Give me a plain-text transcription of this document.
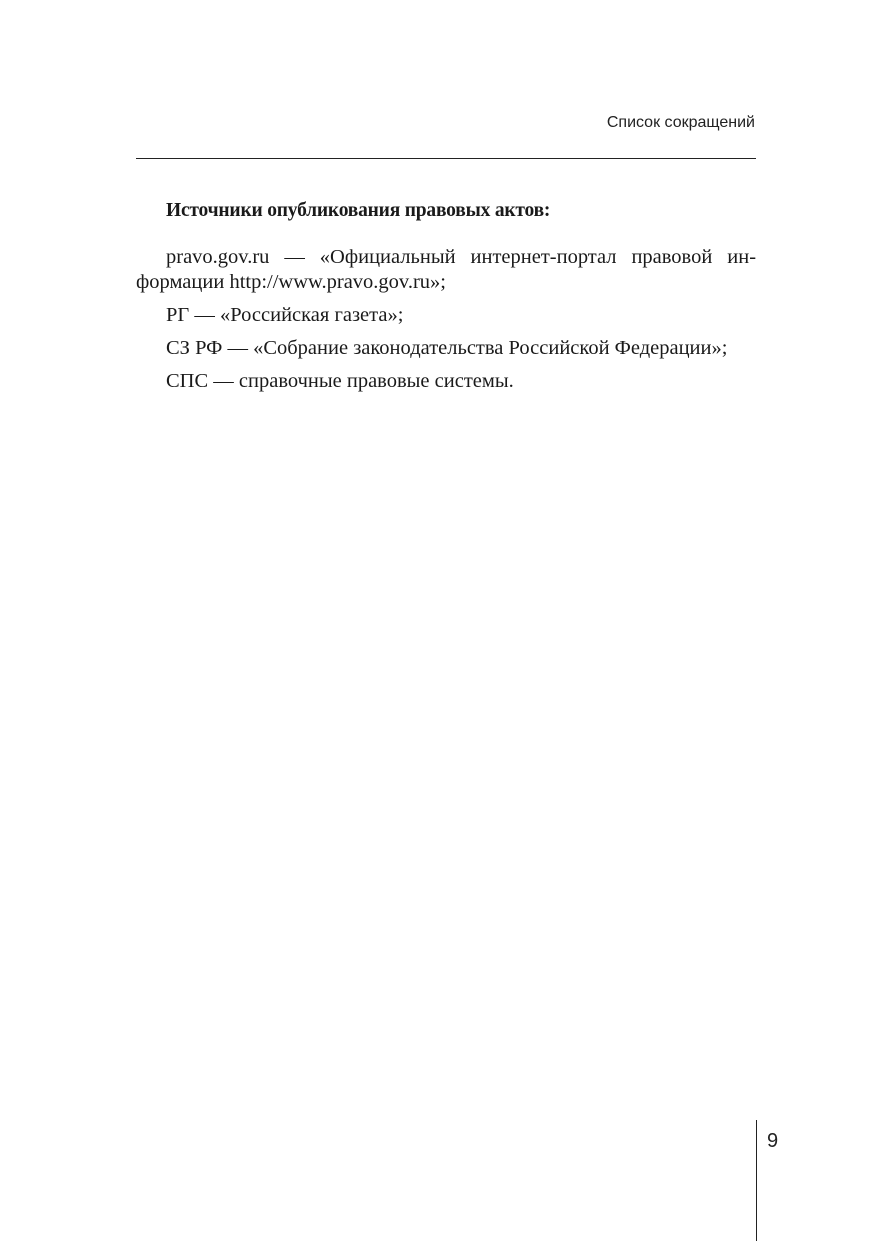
Список сокращений

Источники опубликования правовых актов:

pravo.gov.ru — «Официальный интернет-портал правовой информации http://www.pravo.gov.ru»;

РГ — «Российская газета»;

СЗ РФ — «Собрание законодательства Российской Федерации»;

СПС — справочные правовые системы.

9
